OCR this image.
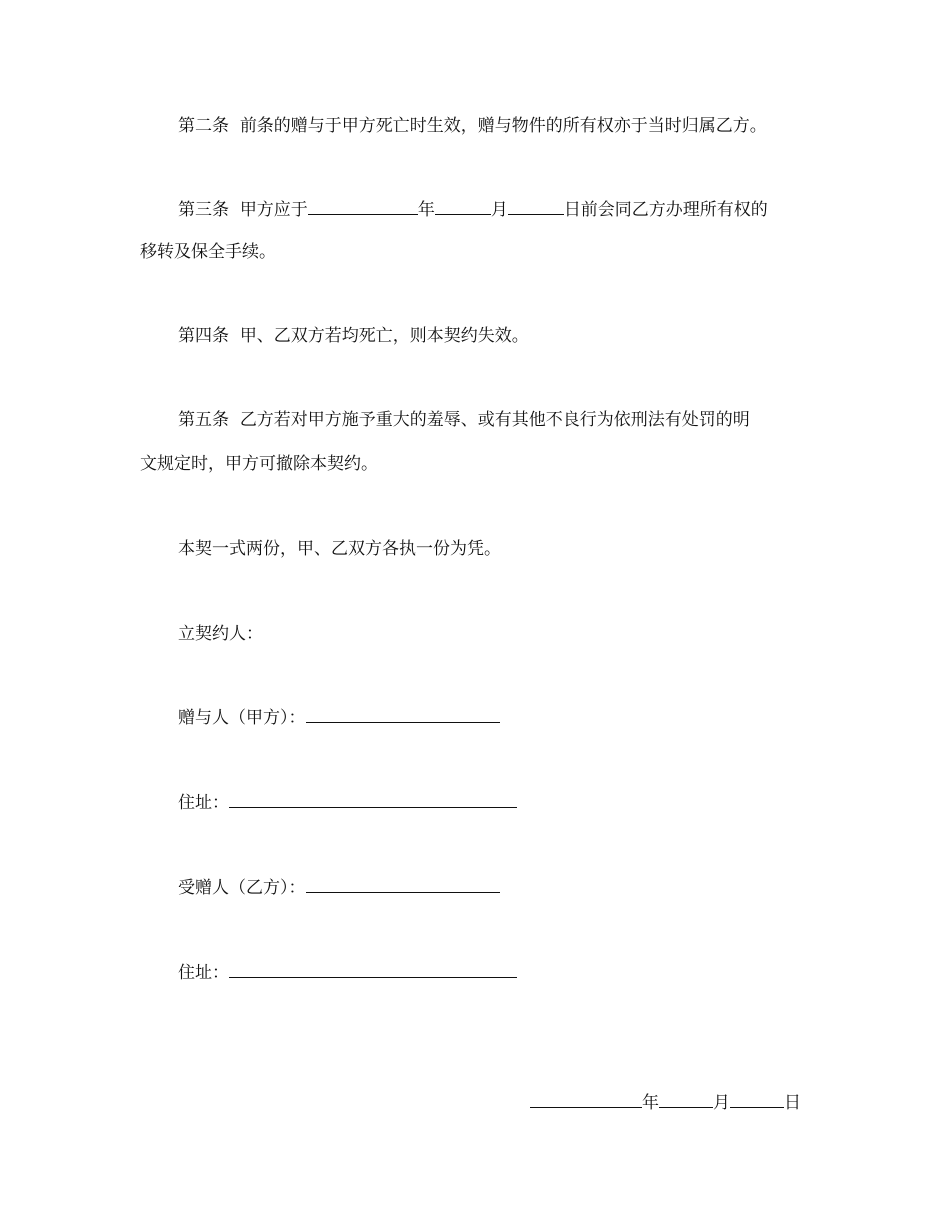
第二条 前条的赠与于甲方死亡时生效，赠与物件的所有权亦于当时归属乙方。
第三条 甲方应于	年	月	日前会同乙方办理所有权的
移转及保全手续。
第四条 甲、乙双方若均死亡，则本契约失效。
第五条 乙方若对甲方施予重大的羞辱、或有其他不良行为依刑法有处罚的明
文规定时，甲方可撤除本契约。
本契一式两份，甲、乙双方各执一份为凭。
立契约人：
赠与人（甲方）：
住址：
受赠人（乙方）：
住址：
年	月	日
